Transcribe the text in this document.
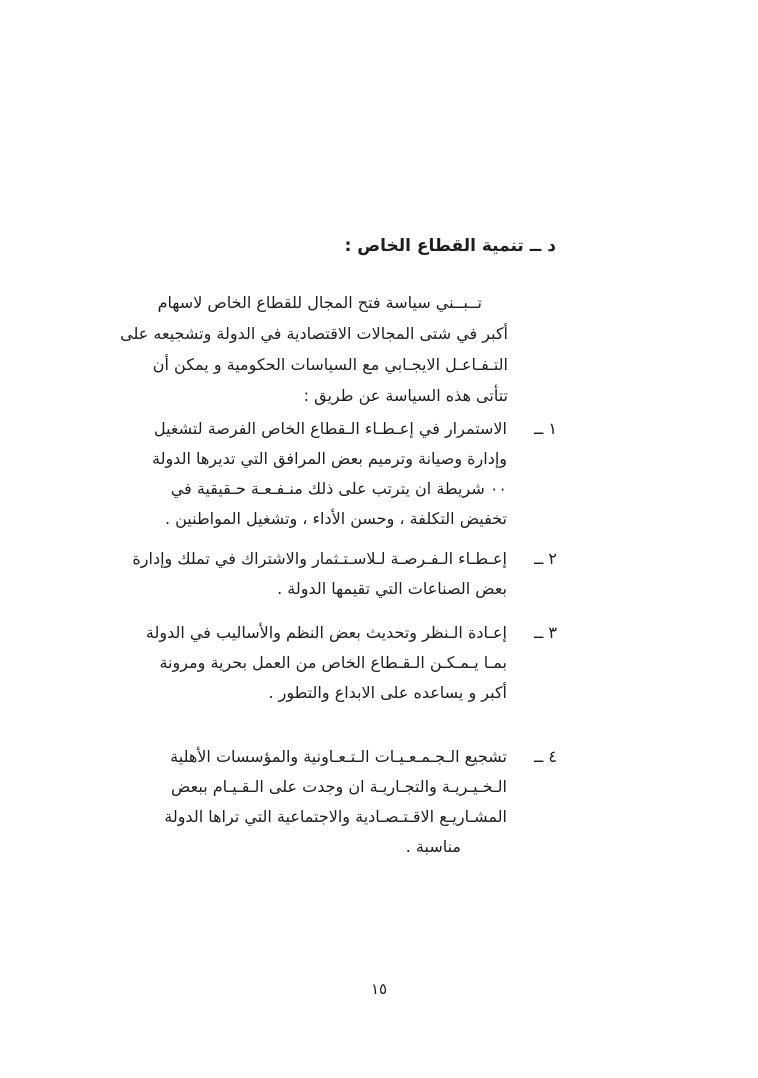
د ــ تنمية القطاع الخاص :
تــبــني سياسة فتح المجال للقطاع الخاص لاسهام
أكبر في شتى المجالات الاقتصادية في الدولة وتشجيعه على
التـفـاعـل الايجـابي مع السياسات الحكومية و يمكن أن
تتأتى هذه السياسة عن طريق :
١ ــ
الاستمرار في إعـطـاء الـقطاع الخاص الفرصة لتشغيل
وإدارة وصيانة وترميم بعض المرافق التي تديرها الدولة
٠٠ شريطة ان يترتب على ذلك منـفـعـة حـقيقية في
تخفيض التكلفة ، وحسن الأداء ، وتشغيل المواطنين .
٢ ــ
إعـطـاء الـفـرصـة لـلاسـتـثمار والاشتراك في تملك وإدارة
بعض الصناعات التي تقيمها الدولة .
٣ ــ
إعـادة الـنظر وتحديث بعض النظم والأساليب في الدولة
بمـا يـمـكـن الـقـطاع الخاص من العمل بحرية ومرونة
أكبر و يساعده على الابداع والتطور .
٤ ــ
تشجيع الـجـمـعـيـات الـتـعـاونية والمؤسسات الأهلية
الـخـيـريـة والتجـاريـة ان وجدت على الـقـيـام ببعض
المشـاريـع الاقـتـصـادية والاجتماعية التي تراها الدولة
مناسبة .
١٥
